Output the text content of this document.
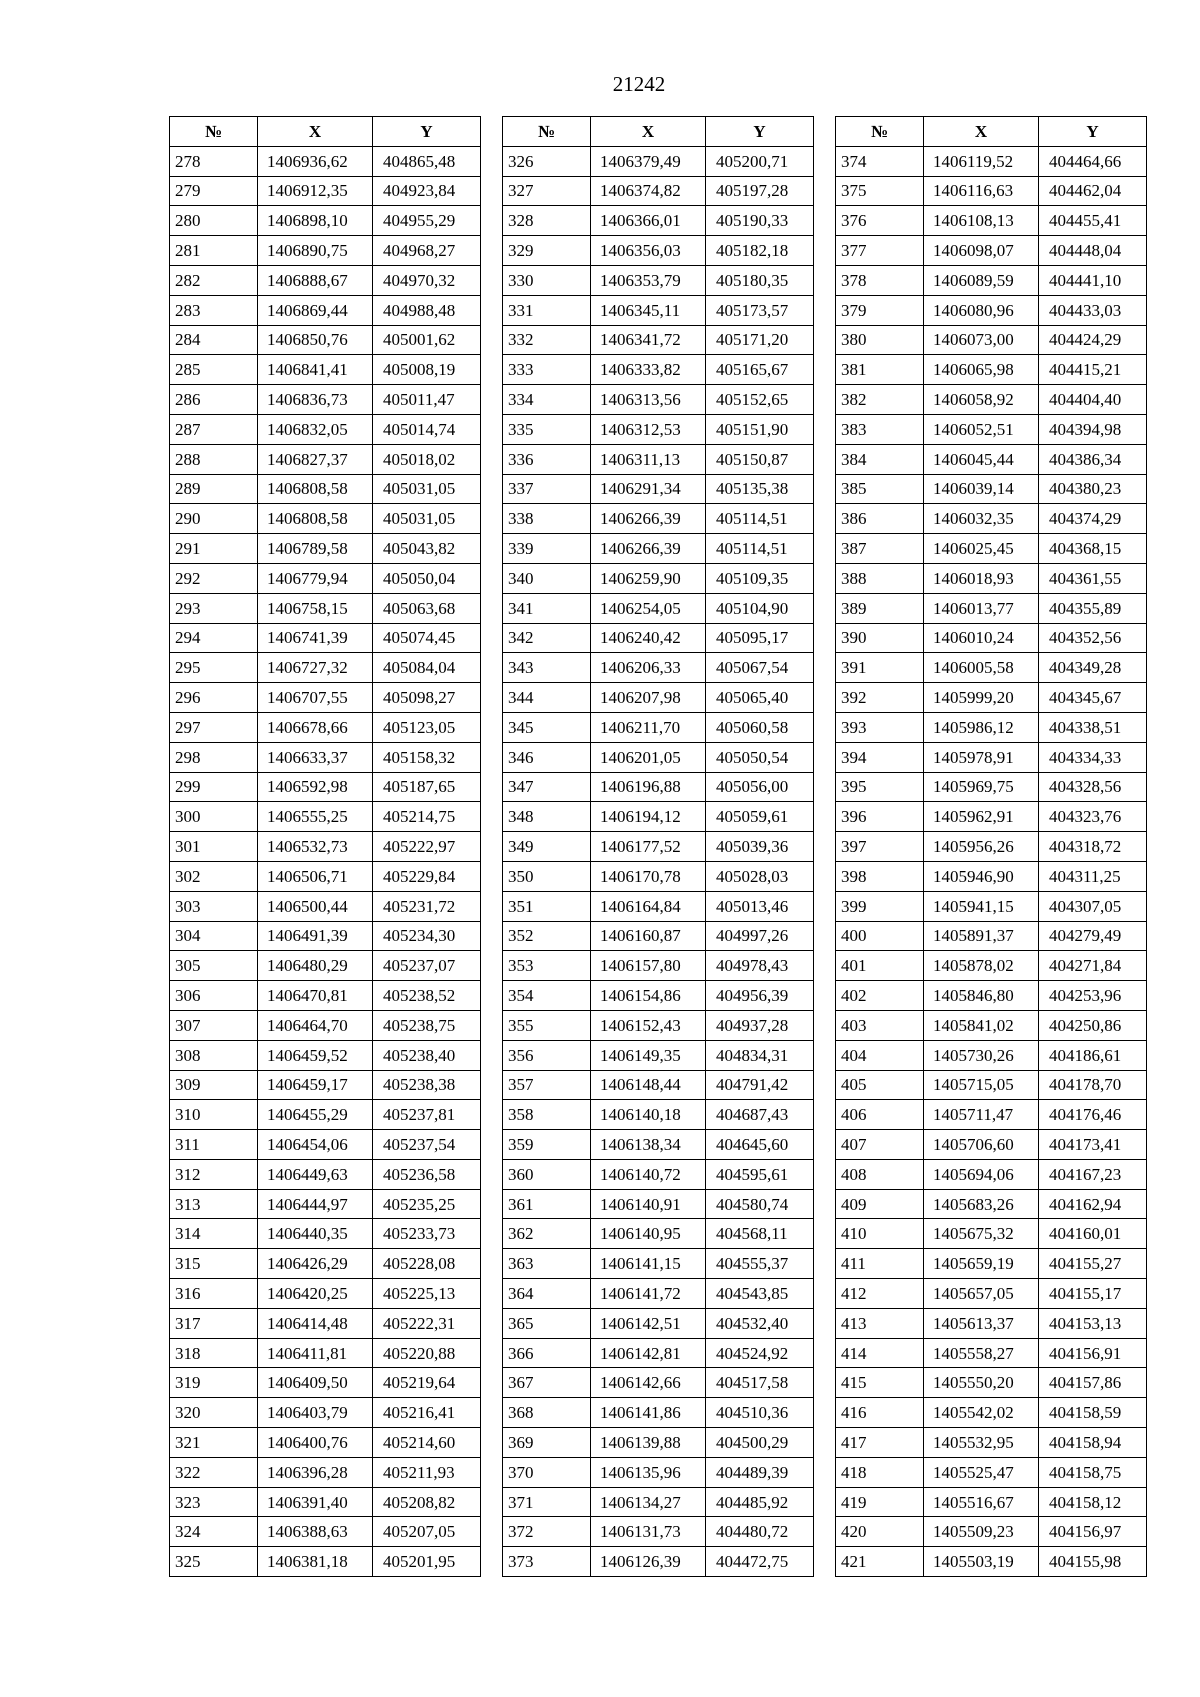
21242
№	X	Y
278	1406936,62	404865,48
279	1406912,35	404923,84
280	1406898,10	404955,29
281	1406890,75	404968,27
282	1406888,67	404970,32
283	1406869,44	404988,48
284	1406850,76	405001,62
285	1406841,41	405008,19
286	1406836,73	405011,47
287	1406832,05	405014,74
288	1406827,37	405018,02
289	1406808,58	405031,05
290	1406808,58	405031,05
291	1406789,58	405043,82
292	1406779,94	405050,04
293	1406758,15	405063,68
294	1406741,39	405074,45
295	1406727,32	405084,04
296	1406707,55	405098,27
297	1406678,66	405123,05
298	1406633,37	405158,32
299	1406592,98	405187,65
300	1406555,25	405214,75
301	1406532,73	405222,97
302	1406506,71	405229,84
303	1406500,44	405231,72
304	1406491,39	405234,30
305	1406480,29	405237,07
306	1406470,81	405238,52
307	1406464,70	405238,75
308	1406459,52	405238,40
309	1406459,17	405238,38
310	1406455,29	405237,81
311	1406454,06	405237,54
312	1406449,63	405236,58
313	1406444,97	405235,25
314	1406440,35	405233,73
315	1406426,29	405228,08
316	1406420,25	405225,13
317	1406414,48	405222,31
318	1406411,81	405220,88
319	1406409,50	405219,64
320	1406403,79	405216,41
321	1406400,76	405214,60
322	1406396,28	405211,93
323	1406391,40	405208,82
324	1406388,63	405207,05
325	1406381,18	405201,95
№	X	Y
326	1406379,49	405200,71
327	1406374,82	405197,28
328	1406366,01	405190,33
329	1406356,03	405182,18
330	1406353,79	405180,35
331	1406345,11	405173,57
332	1406341,72	405171,20
333	1406333,82	405165,67
334	1406313,56	405152,65
335	1406312,53	405151,90
336	1406311,13	405150,87
337	1406291,34	405135,38
338	1406266,39	405114,51
339	1406266,39	405114,51
340	1406259,90	405109,35
341	1406254,05	405104,90
342	1406240,42	405095,17
343	1406206,33	405067,54
344	1406207,98	405065,40
345	1406211,70	405060,58
346	1406201,05	405050,54
347	1406196,88	405056,00
348	1406194,12	405059,61
349	1406177,52	405039,36
350	1406170,78	405028,03
351	1406164,84	405013,46
352	1406160,87	404997,26
353	1406157,80	404978,43
354	1406154,86	404956,39
355	1406152,43	404937,28
356	1406149,35	404834,31
357	1406148,44	404791,42
358	1406140,18	404687,43
359	1406138,34	404645,60
360	1406140,72	404595,61
361	1406140,91	404580,74
362	1406140,95	404568,11
363	1406141,15	404555,37
364	1406141,72	404543,85
365	1406142,51	404532,40
366	1406142,81	404524,92
367	1406142,66	404517,58
368	1406141,86	404510,36
369	1406139,88	404500,29
370	1406135,96	404489,39
371	1406134,27	404485,92
372	1406131,73	404480,72
373	1406126,39	404472,75
№	X	Y
374	1406119,52	404464,66
375	1406116,63	404462,04
376	1406108,13	404455,41
377	1406098,07	404448,04
378	1406089,59	404441,10
379	1406080,96	404433,03
380	1406073,00	404424,29
381	1406065,98	404415,21
382	1406058,92	404404,40
383	1406052,51	404394,98
384	1406045,44	404386,34
385	1406039,14	404380,23
386	1406032,35	404374,29
387	1406025,45	404368,15
388	1406018,93	404361,55
389	1406013,77	404355,89
390	1406010,24	404352,56
391	1406005,58	404349,28
392	1405999,20	404345,67
393	1405986,12	404338,51
394	1405978,91	404334,33
395	1405969,75	404328,56
396	1405962,91	404323,76
397	1405956,26	404318,72
398	1405946,90	404311,25
399	1405941,15	404307,05
400	1405891,37	404279,49
401	1405878,02	404271,84
402	1405846,80	404253,96
403	1405841,02	404250,86
404	1405730,26	404186,61
405	1405715,05	404178,70
406	1405711,47	404176,46
407	1405706,60	404173,41
408	1405694,06	404167,23
409	1405683,26	404162,94
410	1405675,32	404160,01
411	1405659,19	404155,27
412	1405657,05	404155,17
413	1405613,37	404153,13
414	1405558,27	404156,91
415	1405550,20	404157,86
416	1405542,02	404158,59
417	1405532,95	404158,94
418	1405525,47	404158,75
419	1405516,67	404158,12
420	1405509,23	404156,97
421	1405503,19	404155,98
